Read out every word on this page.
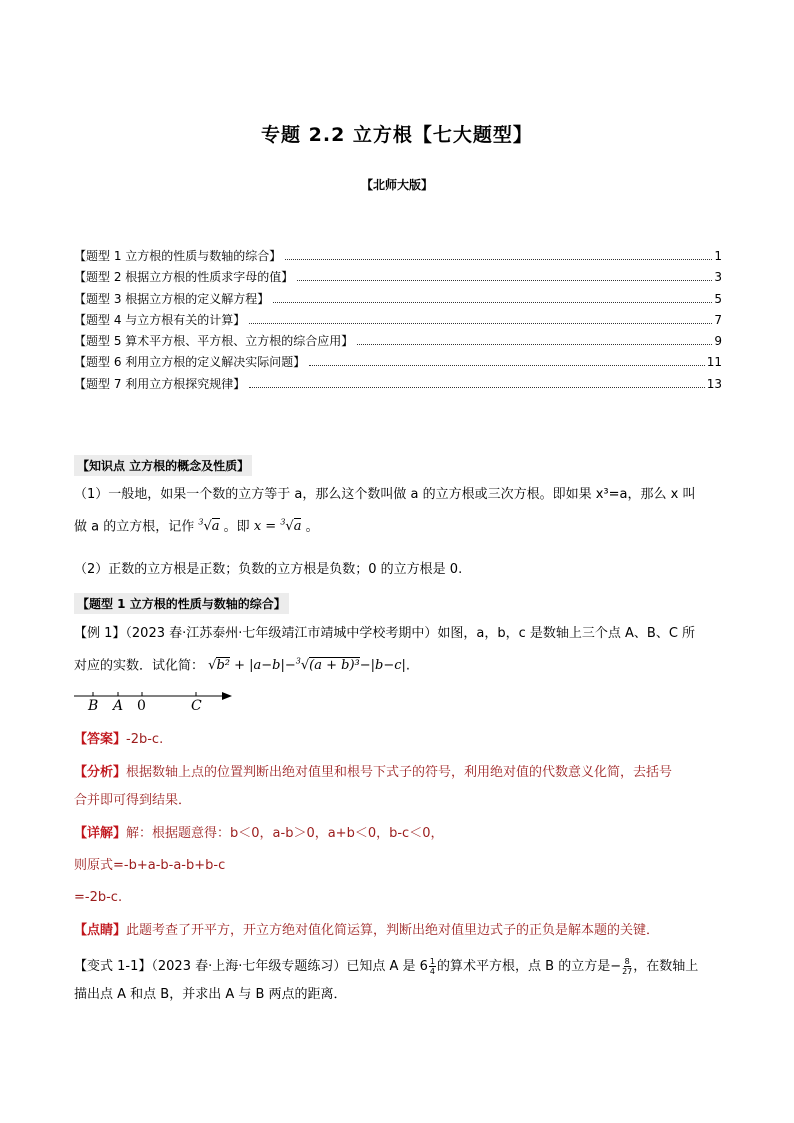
专题 2.2 立方根【七大题型】
【北师大版】
【题型 1 立方根的性质与数轴的综合】	1
【题型 2 根据立方根的性质求字母的值】	3
【题型 3 根据立方根的定义解方程】	5
【题型 4 与立方根有关的计算】	7
【题型 5 算术平方根、平方根、立方根的综合应用】	9
【题型 6 利用立方根的定义解决实际问题】	11
【题型 7 利用立方根探究规律】	13
【知识点 立方根的概念及性质】
（1）一般地，如果一个数的立方等于 a，那么这个数叫做 a 的立方根或三次方根。即如果 x³=a，那么 x 叫
做 a 的立方根，记作 $^3$√a 。即 x = $^3$√a 。
（2）正数的立方根是正数；负数的立方根是负数；0 的立方根是 0.
【题型 1 立方根的性质与数轴的综合】
【例 1】（2023 春·江苏泰州·七年级靖江市靖城中学校考期中）如图，a，b，c 是数轴上三个点 A、B、C 所
对应的实数．试化简： √b² + |a−b|−$^3$√(a + b)³−|b−c|.
B A 0	C
【答案】-2b-c.
【分析】根据数轴上点的位置判断出绝对值里和根号下式子的符号，利用绝对值的代数意义化简，去括号
合并即可得到结果．
【详解】解：根据题意得：b＜0，a-b＞0，a+b＜0，b-c＜0，
则原式=-b+a-b-a-b+b-c
=-2b-c.
【点睛】此题考查了开平方，开立方绝对值化简运算，判断出绝对值里边式子的正负是解本题的关键．
【变式 1-1】（2023 春·上海·七年级专题练习）已知点 A 是 $6 \frac{1}{4}$ 的算术平方根，点 B 的立方是− $\frac{8}{27}$ ，在数轴上
描出点 A 和点 B，并求出 A 与 B 两点的距离．
